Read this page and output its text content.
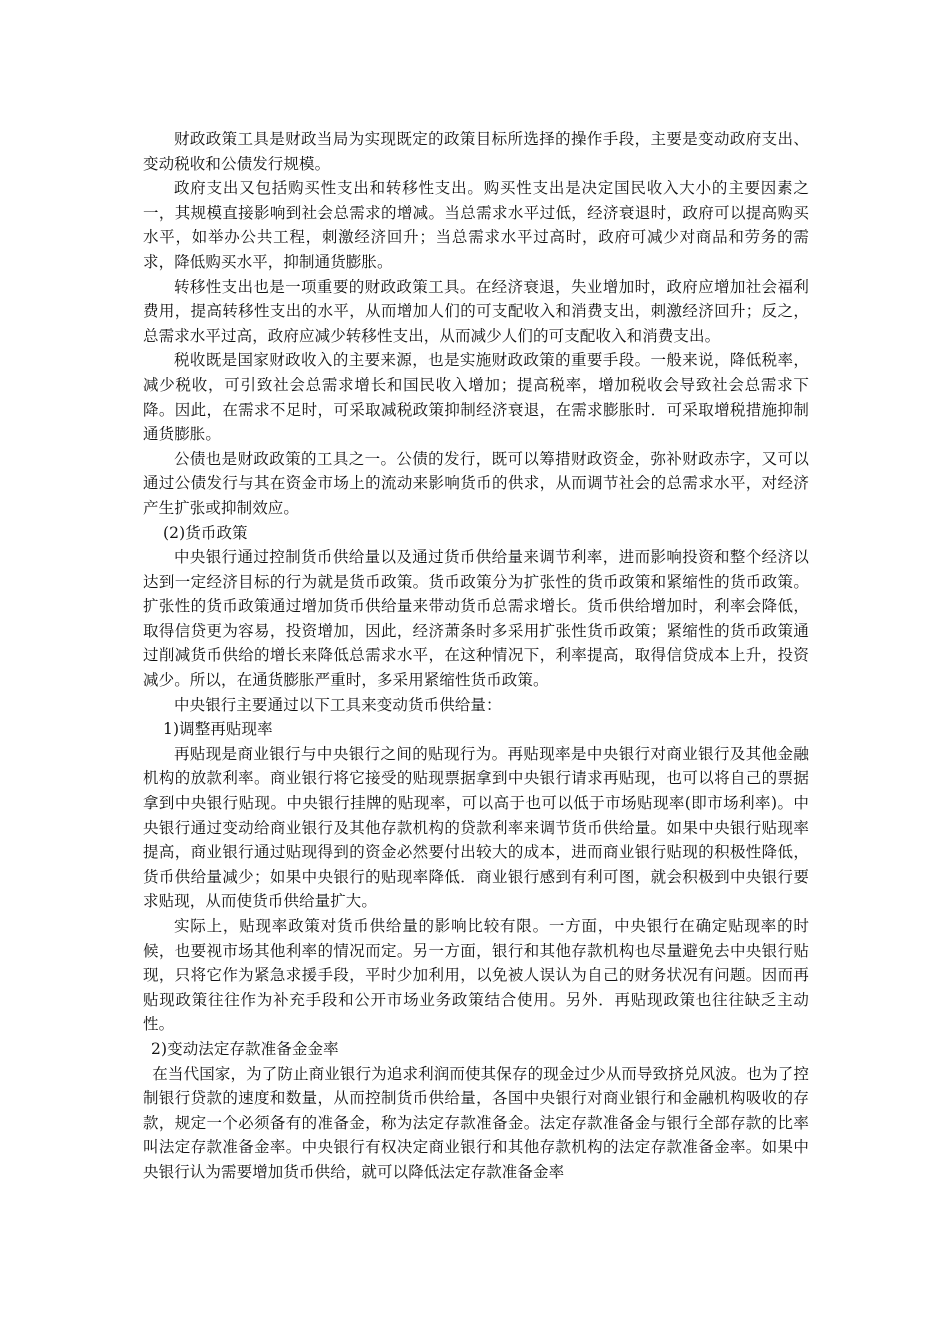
财政政策工具是财政当局为实现既定的政策目标所选择的操作手段，主要是变动政府支出、变动税收和公债发行规模。

政府支出又包括购买性支出和转移性支出。购买性支出是决定国民收入大小的主要因素之一，其规模直接影响到社会总需求的增减。当总需求水平过低，经济衰退时，政府可以提高购买水平，如举办公共工程，刺激经济回升；当总需求水平过高时，政府可减少对商品和劳务的需求，降低购买水平，抑制通货膨胀。

转移性支出也是一项重要的财政政策工具。在经济衰退，失业增加时，政府应增加社会福利费用，提高转移性支出的水平，从而增加人们的可支配收入和消费支出，刺激经济回升；反之，总需求水平过高，政府应减少转移性支出，从而减少人们的可支配收入和消费支出。

税收既是国家财政收入的主要来源，也是实施财政政策的重要手段。一般来说，降低税率，减少税收，可引致社会总需求增长和国民收入增加；提高税率，增加税收会导致社会总需求下降。因此，在需求不足时，可采取减税政策抑制经济衰退，在需求膨胀时．可采取增税措施抑制通货膨胀。

公债也是财政政策的工具之一。公债的发行，既可以筹措财政资金，弥补财政赤字，又可以通过公债发行与其在资金市场上的流动来影响货币的供求，从而调节社会的总需求水平，对经济产生扩张或抑制效应。

(2)货币政策

中央银行通过控制货币供给量以及通过货币供给量来调节利率，进而影响投资和整个经济以达到一定经济目标的行为就是货币政策。货币政策分为扩张性的货币政策和紧缩性的货币政策。扩张性的货币政策通过增加货币供给量来带动货币总需求增长。货币供给增加时，利率会降低，取得信贷更为容易，投资增加，因此，经济萧条时多采用扩张性货币政策；紧缩性的货币政策通过削减货币供给的增长来降低总需求水平，在这种情况下，利率提高，取得信贷成本上升，投资减少。所以，在通货膨胀严重时，多采用紧缩性货币政策。

中央银行主要通过以下工具来变动货币供给量：

1)调整再贴现率

再贴现是商业银行与中央银行之间的贴现行为。再贴现率是中央银行对商业银行及其他金融机构的放款利率。商业银行将它接受的贴现票据拿到中央银行请求再贴现，也可以将自己的票据拿到中央银行贴现。中央银行挂牌的贴现率，可以高于也可以低于市场贴现率(即市场利率)。中央银行通过变动给商业银行及其他存款机构的贷款利率来调节货币供给量。如果中央银行贴现率提高，商业银行通过贴现得到的资金必然要付出较大的成本，进而商业银行贴现的积极性降低，货币供给量减少；如果中央银行的贴现率降低．商业银行感到有利可图，就会积极到中央银行要求贴现，从而使货币供给量扩大。

实际上，贴现率政策对货币供给量的影响比较有限。一方面，中央银行在确定贴现率的时候，也要视市场其他利率的情况而定。另一方面，银行和其他存款机构也尽量避免去中央银行贴现，只将它作为紧急求援手段，平时少加利用，以免被人误认为自己的财务状况有问题。因而再贴现政策往往作为补充手段和公开市场业务政策结合使用。另外．再贴现政策也往往缺乏主动性。

2)变动法定存款准备金金率

在当代国家，为了防止商业银行为追求利润而使其保存的现金过少从而导致挤兑风波。也为了控制银行贷款的速度和数量，从而控制货币供给量，各国中央银行对商业银行和金融机构吸收的存款，规定一个必须备有的准备金，称为法定存款准备金。法定存款准备金与银行全部存款的比率叫法定存款准备金率。中央银行有权决定商业银行和其他存款机构的法定存款准备金率。如果中央银行认为需要增加货币供给，就可以降低法定存款准备金率
